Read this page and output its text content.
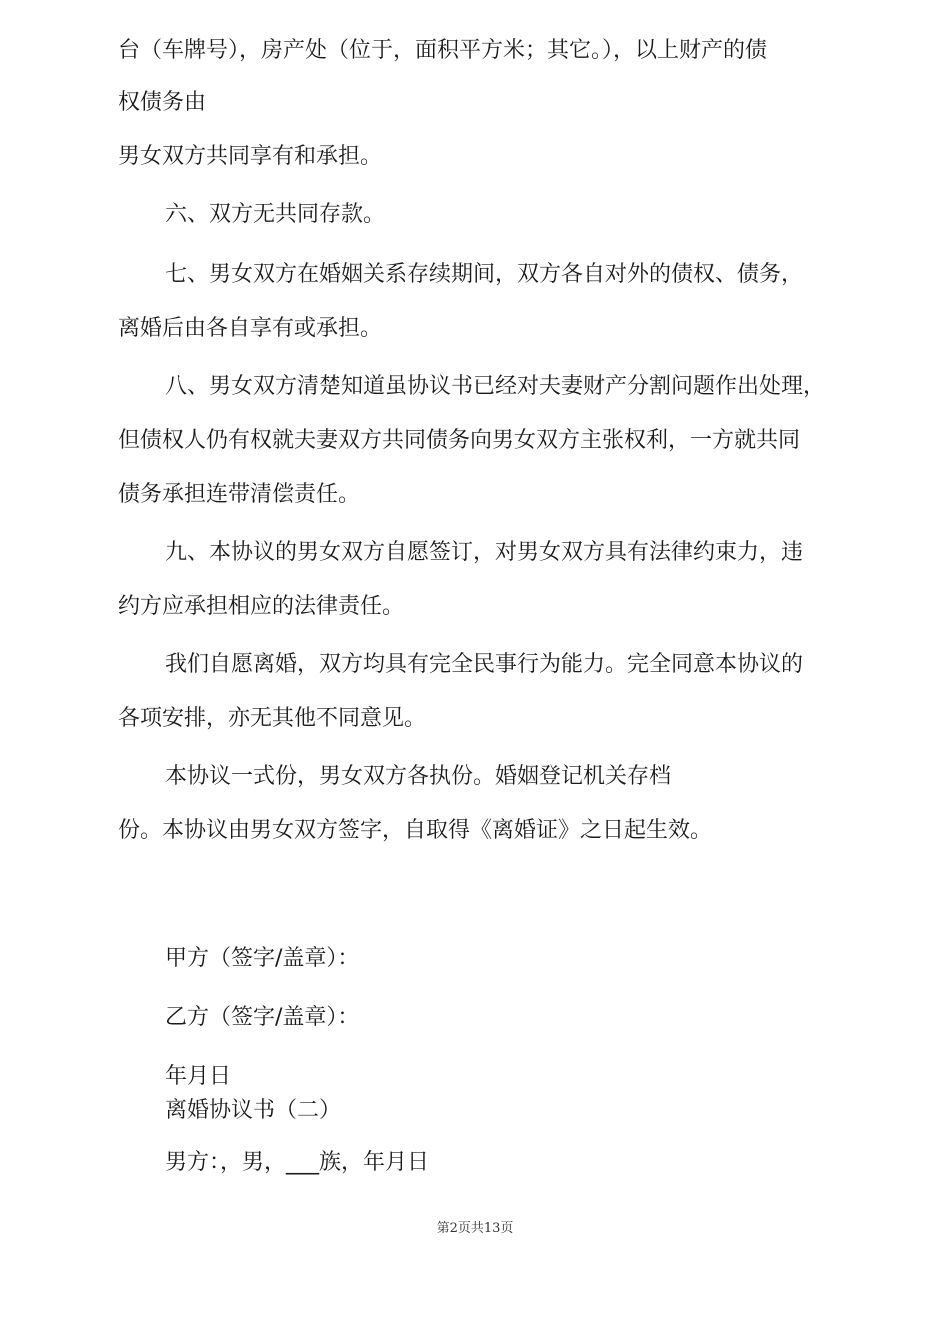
台（车牌号），房产处（位于，面积平方米；其它。），以上财产的债

权债务由

男女双方共同享有和承担。

六、双方无共同存款。

七、男女双方在婚姻关系存续期间，双方各自对外的债权、债务，

离婚后由各自享有或承担。

八、男女双方清楚知道虽协议书已经对夫妻财产分割问题作出处理，

但债权人仍有权就夫妻双方共同债务向男女双方主张权利，一方就共同

债务承担连带清偿责任。

九、本协议的男女双方自愿签订，对男女双方具有法律约束力，违

约方应承担相应的法律责任。

我们自愿离婚，双方均具有完全民事行为能力。完全同意本协议的

各项安排，亦无其他不同意见。

本协议一式份，男女双方各执份。婚姻登记机关存档

份。本协议由男女双方签字，自取得《离婚证》之日起生效。

甲方（签字/盖章）：

乙方（签字/盖章）：

年月日

离婚协议书（二）

男方：，男，___族，年月日

第2页共13页
